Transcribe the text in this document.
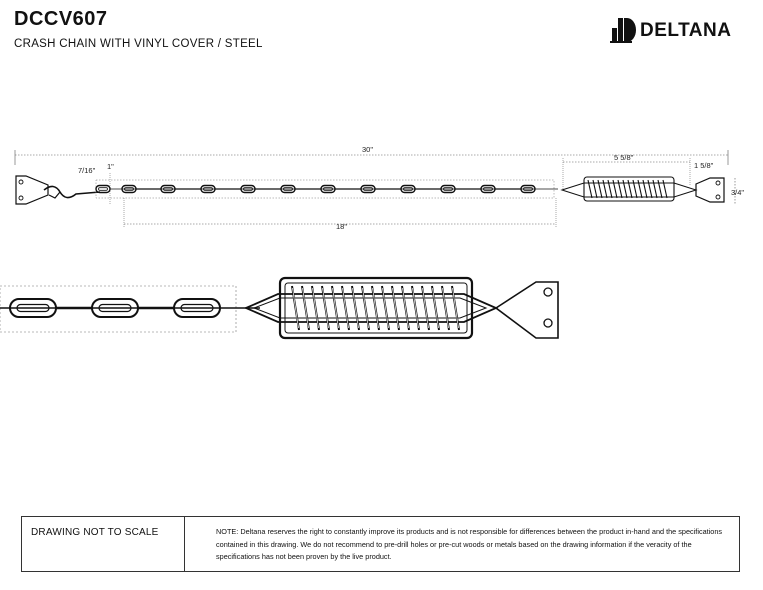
DCCV607
CRASH CHAIN WITH VINYL COVER / STEEL
DELTANA
30"
7/16" 1"
5 5/8"
1 5/8"
3/4"
18"
DRAWING NOT TO SCALE	NOTE: Deltana reserves the right to constantly improve its products and is not responsible for differences between the product in-hand and the specifications contained in this drawing. We do not recommend to pre-drill holes or pre-cut woods or metals based on the drawing information if the veracity of the specifications has not been proven by the live product.
